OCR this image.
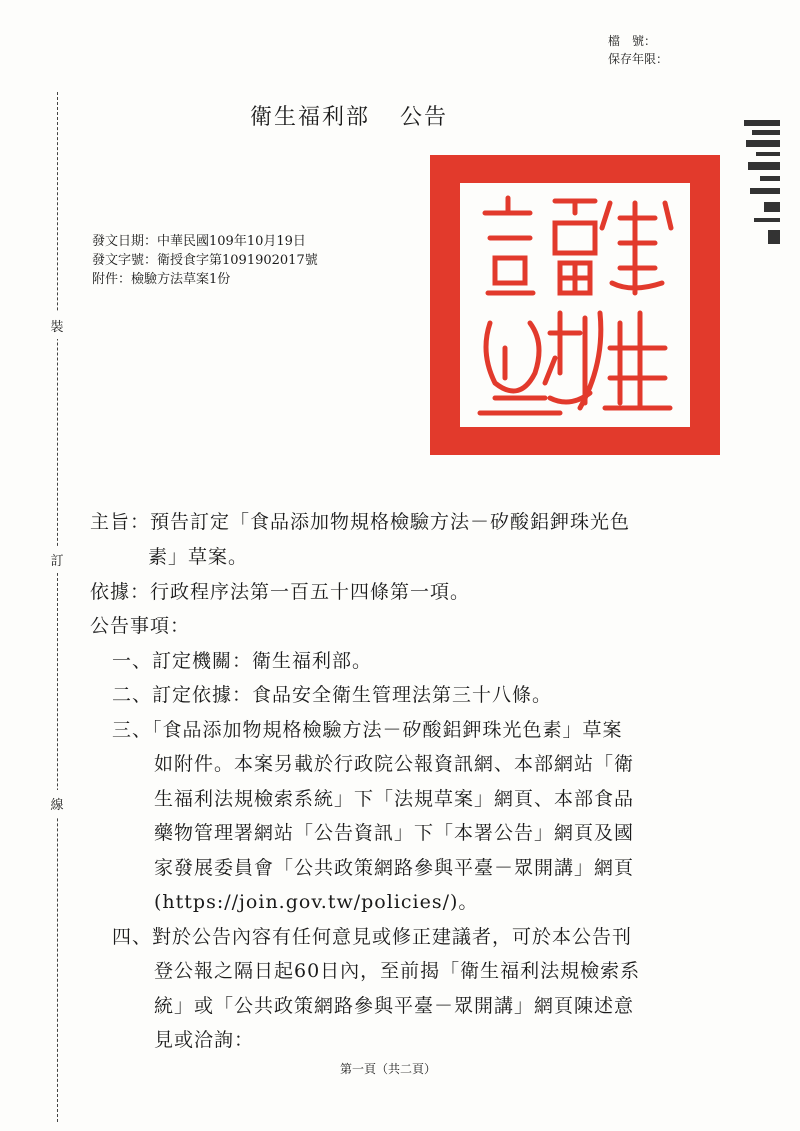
檔　號：
保存年限：
裝
訂
線
衛生福利部 公告
發文日期：中華民國109年10月19日
發文字號：衛授食字第1091902017號
附件：檢驗方法草案1份
主旨：預告訂定「食品添加物規格檢驗方法－矽酸鋁鉀珠光色
素」草案。
依據：行政程序法第一百五十四條第一項。
公告事項：
一、訂定機關：衛生福利部。
二、訂定依據：食品安全衛生管理法第三十八條。
三、「食品添加物規格檢驗方法－矽酸鋁鉀珠光色素」草案
如附件。本案另載於行政院公報資訊網、本部網站「衛
生福利法規檢索系統」下「法規草案」網頁、本部食品
藥物管理署網站「公告資訊」下「本署公告」網頁及國
家發展委員會「公共政策網路參與平臺－眾開講」網頁
(https://join.gov.tw/policies/)。
四、對於公告內容有任何意見或修正建議者，可於本公告刊
登公報之隔日起60日內，至前揭「衛生福利法規檢索系
統」或「公共政策網路參與平臺－眾開講」網頁陳述意
見或洽詢：
第一頁（共二頁）
